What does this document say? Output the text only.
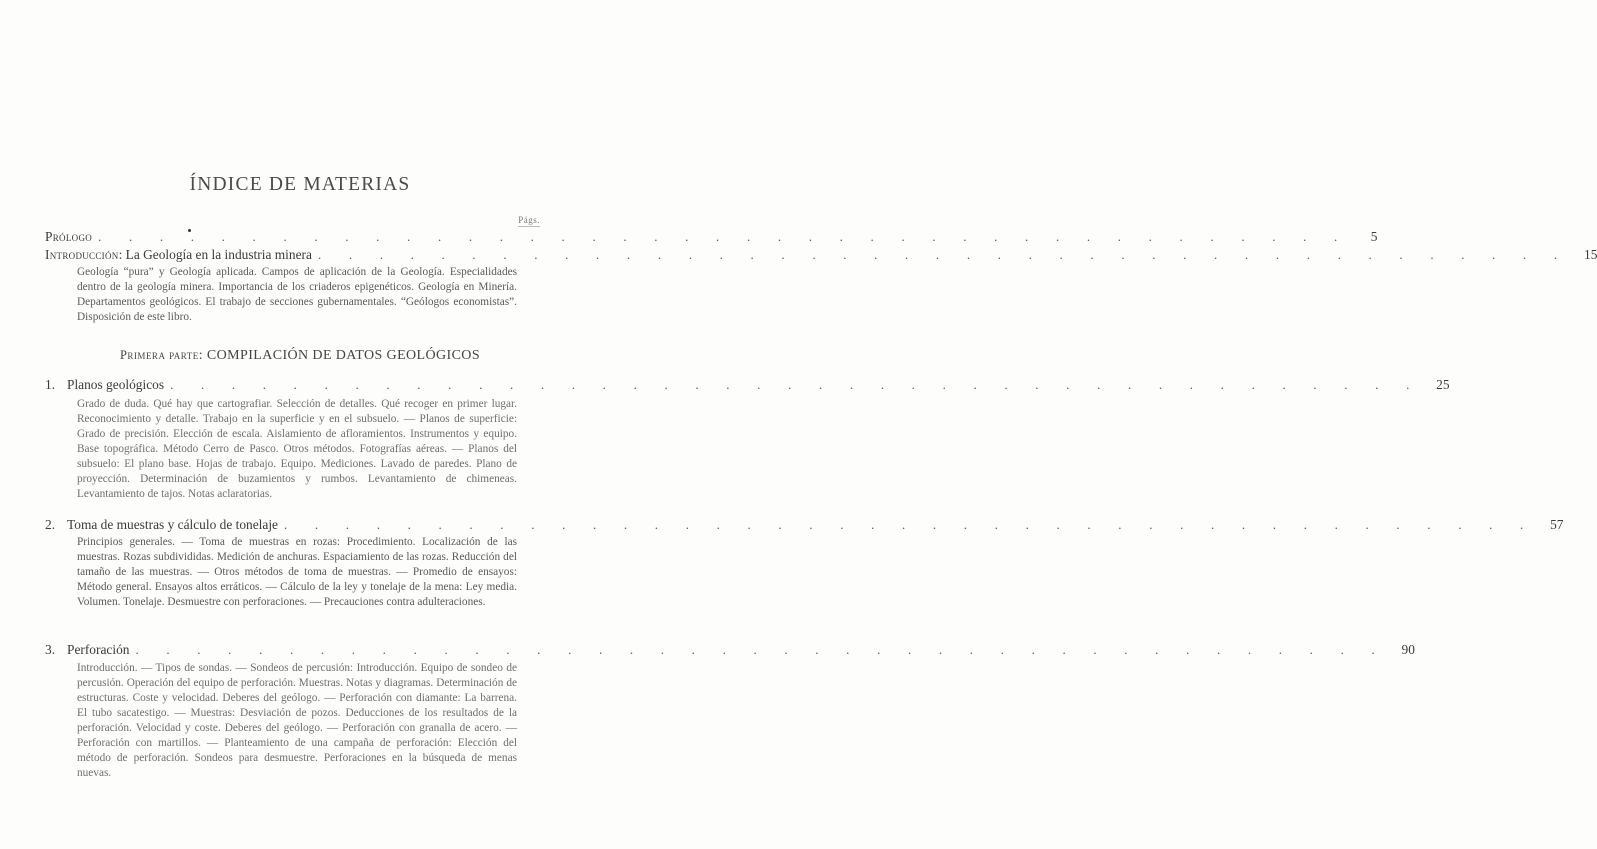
ÍNDICE DE MATERIAS
Págs.
Prólogo . . . . . . . . . . . . . . . . . . . . . . . . . . . . . . . . . . . . . . . . .	5
Introducción: La Geología en la industria minera . . . . . . . . . . . . . . . . . . . . . . . . . . . . . . . . . . . . . . . . .	15
Geología “pura” y Geología aplicada. Campos de aplicación de la Geología. Especialidades dentro de la geología minera. Importancia de los criaderos epigenéticos. Geología en Minería. Departamentos geológicos. El trabajo de secciones gubernamentales. “Geólogos economistas”. Disposición de este libro.
Primera parte: COMPILACIÓN DE DATOS GEOLÓGICOS
1. Planos geológicos . . . . . . . . . . . . . . . . . . . . . . . . . . . . . . . . . . . . . . . . .	25
Grado de duda. Qué hay que cartografiar. Selección de detalles. Qué recoger en primer lugar. Reconocimiento y detalle. Trabajo en la superficie y en el subsuelo. — Planos de superficie: Grado de precisión. Elección de escala. Aislamiento de afloramientos. Instrumentos y equipo. Base topográfica. Método Cerro de Pasco. Otros métodos. Fotografías aéreas. — Planos del subsuelo: El plano base. Hojas de trabajo. Equipo. Mediciones. Lavado de paredes. Plano de proyección. Determinación de buzamientos y rumbos. Levantamiento de chimeneas. Levantamiento de tajos. Notas aclaratorias.
2. Toma de muestras y cálculo de tonelaje . . . . . . . . . . . . . . . . . . . . . . . . . . . . . . . . . . . . . . . . .	57
Principios generales. — Toma de muestras en rozas: Procedimiento. Localización de las muestras. Rozas subdivididas. Medición de anchuras. Espaciamiento de las rozas. Reducción del tamaño de las muestras. — Otros métodos de toma de muestras. — Promedio de ensayos: Método general. Ensayos altos erráticos. — Cálculo de la ley y tonelaje de la mena: Ley media. Volumen. Tonelaje. Desmuestre con perforaciones. — Precauciones contra adulteraciones.
3. Perforación . . . . . . . . . . . . . . . . . . . . . . . . . . . . . . . . . . . . . . . . .	90
Introducción. — Tipos de sondas. — Sondeos de percusión: Introducción. Equipo de sondeo de percusión. Operación del equipo de perforación. Muestras. Notas y diagramas. Determinación de estructuras. Coste y velocidad. Deberes del geólogo. — Perforación con diamante: La barrena. El tubo sacatestigo. — Muestras: Desviación de pozos. Deducciones de los resultados de la perforación. Velocidad y coste. Deberes del geólogo. — Perforación con granalla de acero. — Perforación con martillos. — Planteamiento de una campaña de perforación: Elección del método de perforación. Sondeos para desmuestre. Perforaciones en la búsqueda de menas nuevas.
